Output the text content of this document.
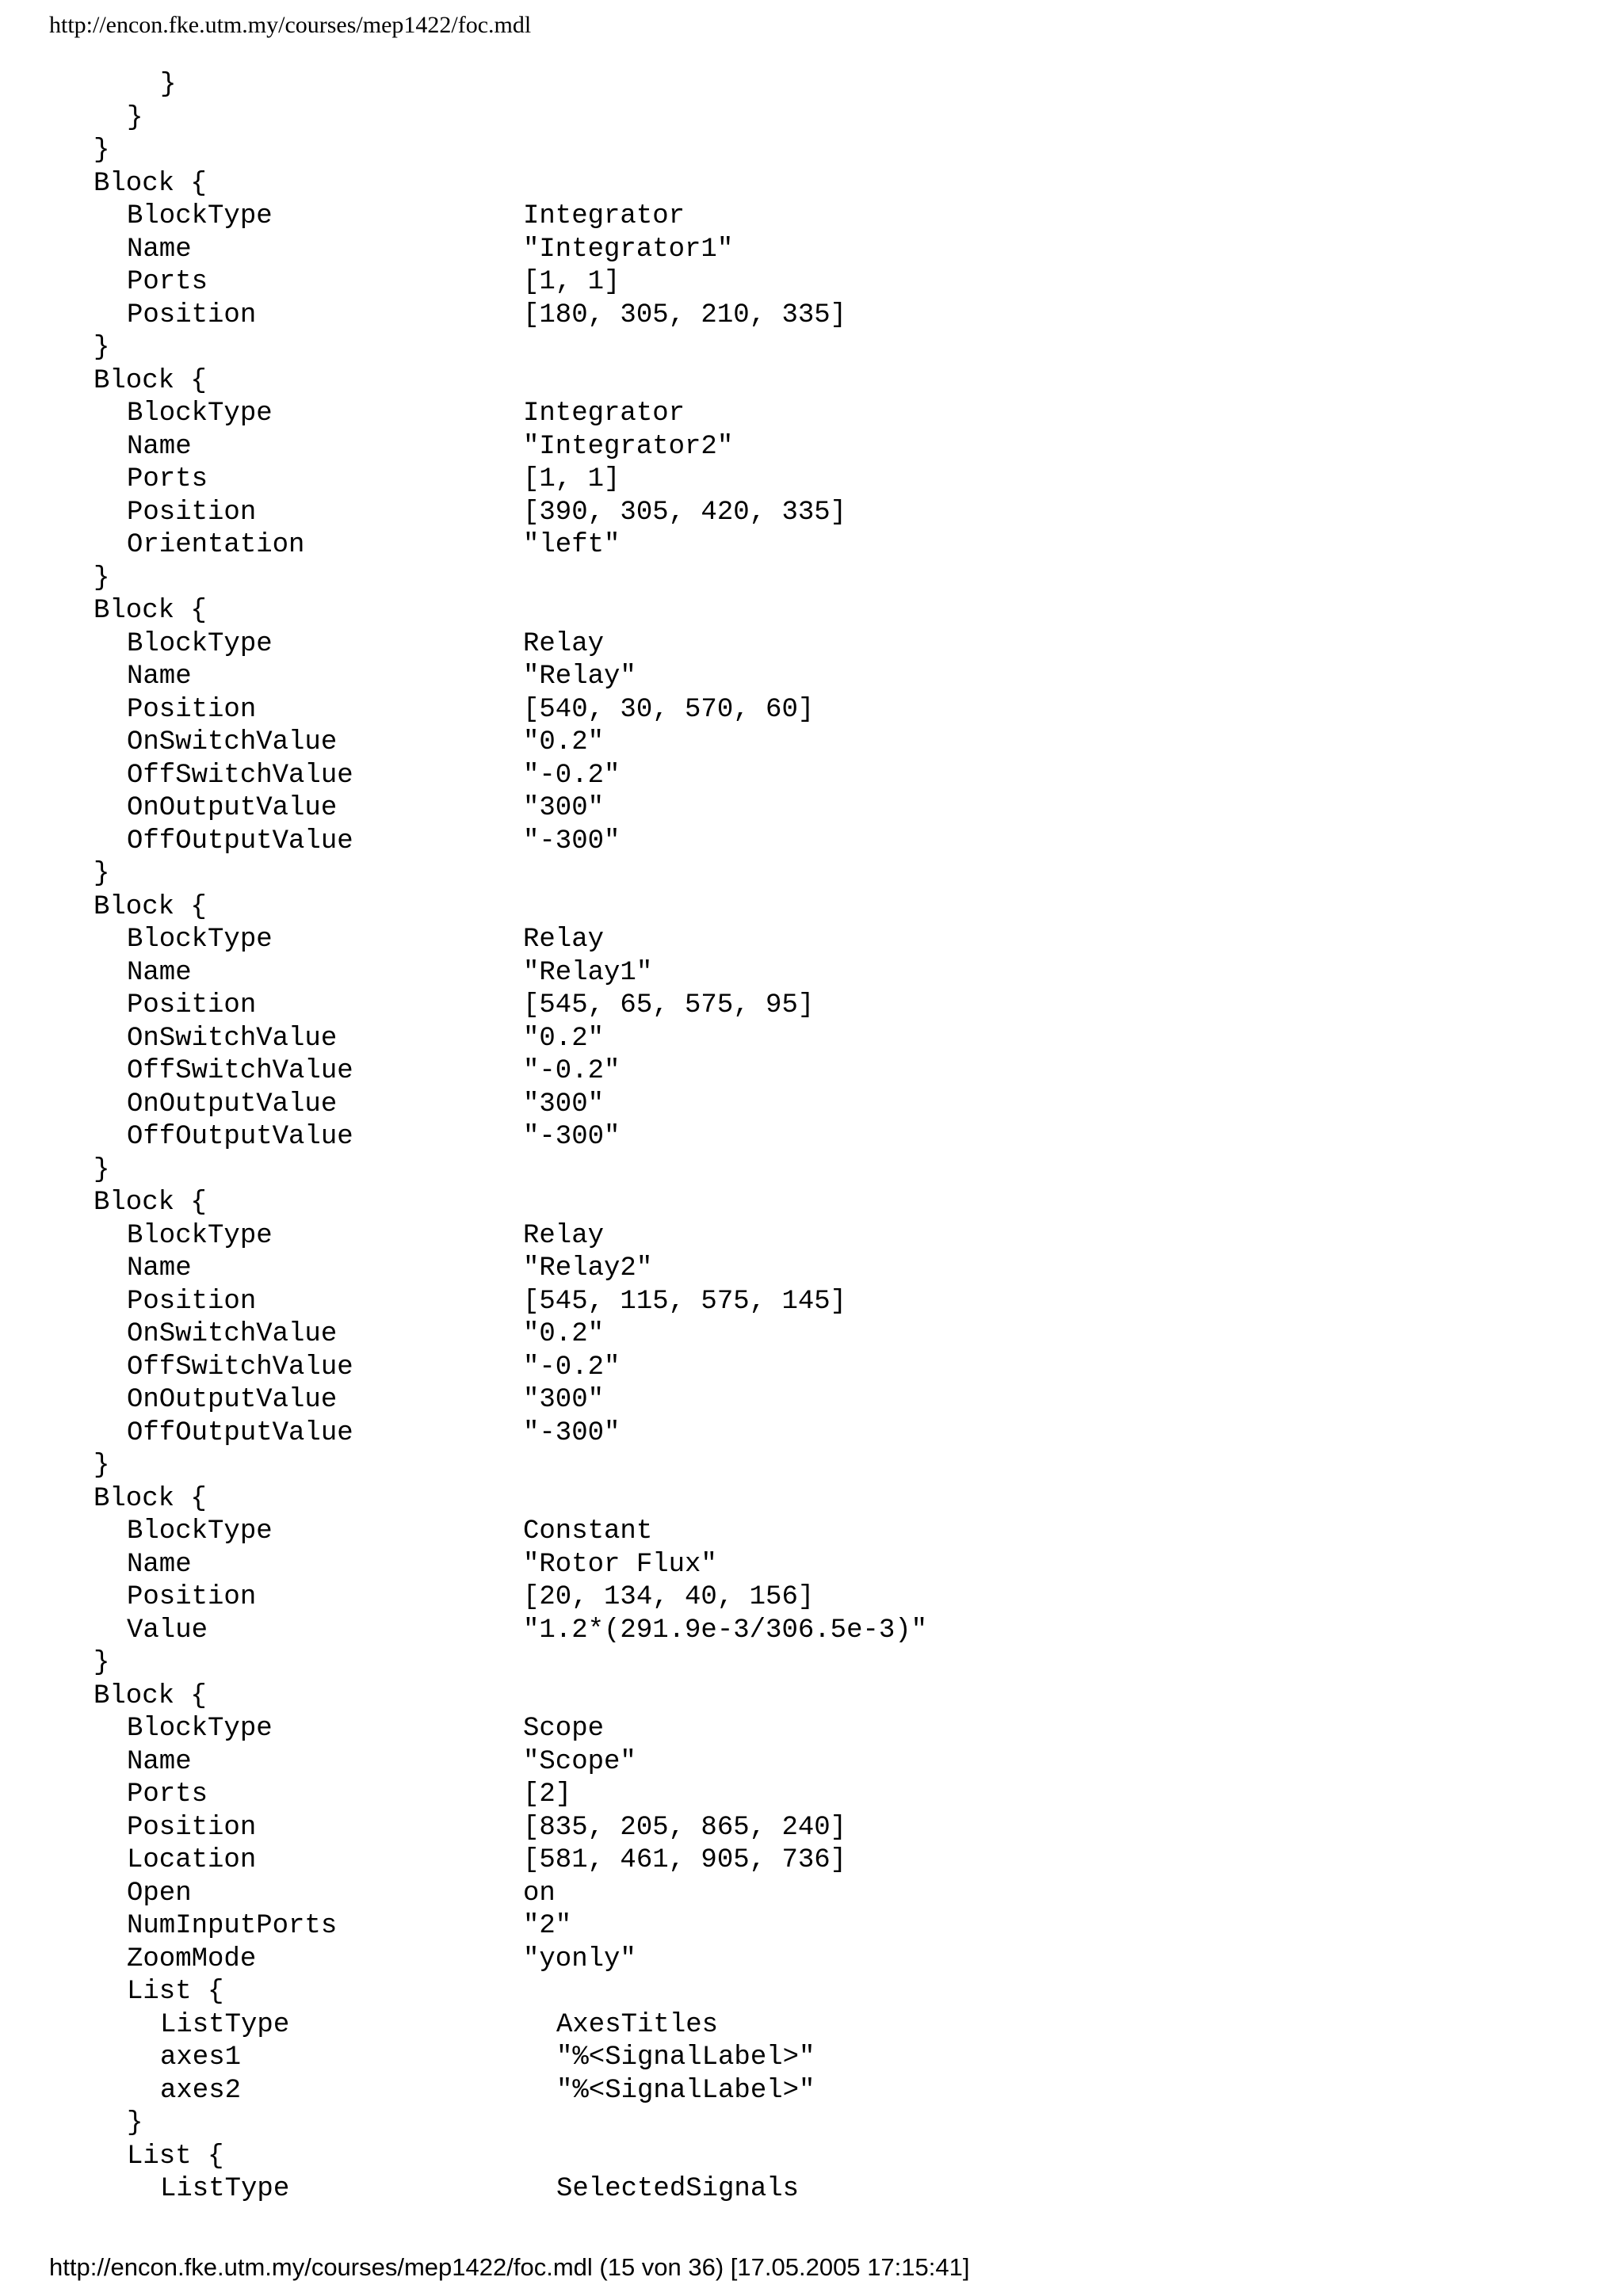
http://encon.fke.utm.my/courses/mep1422/foc.mdl
}
}
}
Block {
BlockType	Integrator
Name	"Integrator1"
Ports	[1, 1]
Position	[180, 305, 210, 335]
}
Block {
BlockType	Integrator
Name	"Integrator2"
Ports	[1, 1]
Position	[390, 305, 420, 335]
Orientation	"left"
}
Block {
BlockType	Relay
Name	"Relay"
Position	[540, 30, 570, 60]
OnSwitchValue	"0.2"
OffSwitchValue	"-0.2"
OnOutputValue	"300"
OffOutputValue	"-300"
}
Block {
BlockType	Relay
Name	"Relay1"
Position	[545, 65, 575, 95]
OnSwitchValue	"0.2"
OffSwitchValue	"-0.2"
OnOutputValue	"300"
OffOutputValue	"-300"
}
Block {
BlockType	Relay
Name	"Relay2"
Position	[545, 115, 575, 145]
OnSwitchValue	"0.2"
OffSwitchValue	"-0.2"
OnOutputValue	"300"
OffOutputValue	"-300"
}
Block {
BlockType	Constant
Name	"Rotor Flux"
Position	[20, 134, 40, 156]
Value	"1.2*(291.9e-3/306.5e-3)"
}
Block {
BlockType	Scope
Name	"Scope"
Ports	[2]
Position	[835, 205, 865, 240]
Location	[581, 461, 905, 736]
Open	on
NumInputPorts	"2"
ZoomMode	"yonly"
List {
ListType	AxesTitles
axes1	"%<SignalLabel>"
axes2	"%<SignalLabel>"
}
List {
ListType	SelectedSignals
http://encon.fke.utm.my/courses/mep1422/foc.mdl (15 von 36) [17.05.2005 17:15:41]
